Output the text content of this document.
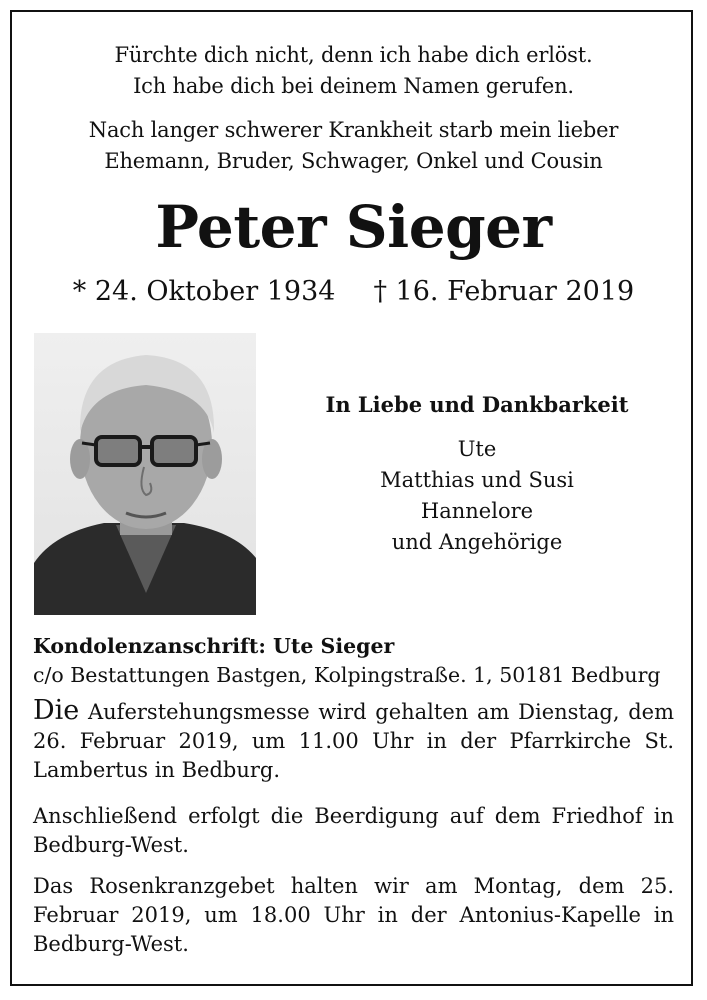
Fürchte dich nicht, denn ich habe dich erlöst.

Ich habe dich bei deinem Namen gerufen.

Nach langer schwerer Krankheit starb mein lieber

Ehemann, Bruder, Schwager, Onkel und Cousin

Peter Sieger
* 24. Oktober 1934 † 16. Februar 2019
In Liebe und Dankbarkeit
Ute
Matthias und Susi
Hannelore
und Angehörige
Kondolenzanschrift: Ute Sieger
c/o Bestattungen Bastgen, Kolpingstraße. 1, 50181 Bedburg
Die Auferstehungsmesse wird gehalten am Dienstag, dem 26. Februar 2019, um 11.00 Uhr in der Pfarrkirche St. Lambertus in Bedburg.
Anschließend erfolgt die Beerdigung auf dem Friedhof in Bedburg-West.
Das Rosenkranzgebet halten wir am Montag, dem 25. Februar 2019, um 18.00 Uhr in der Antonius-Kapelle in Bedburg-West.
